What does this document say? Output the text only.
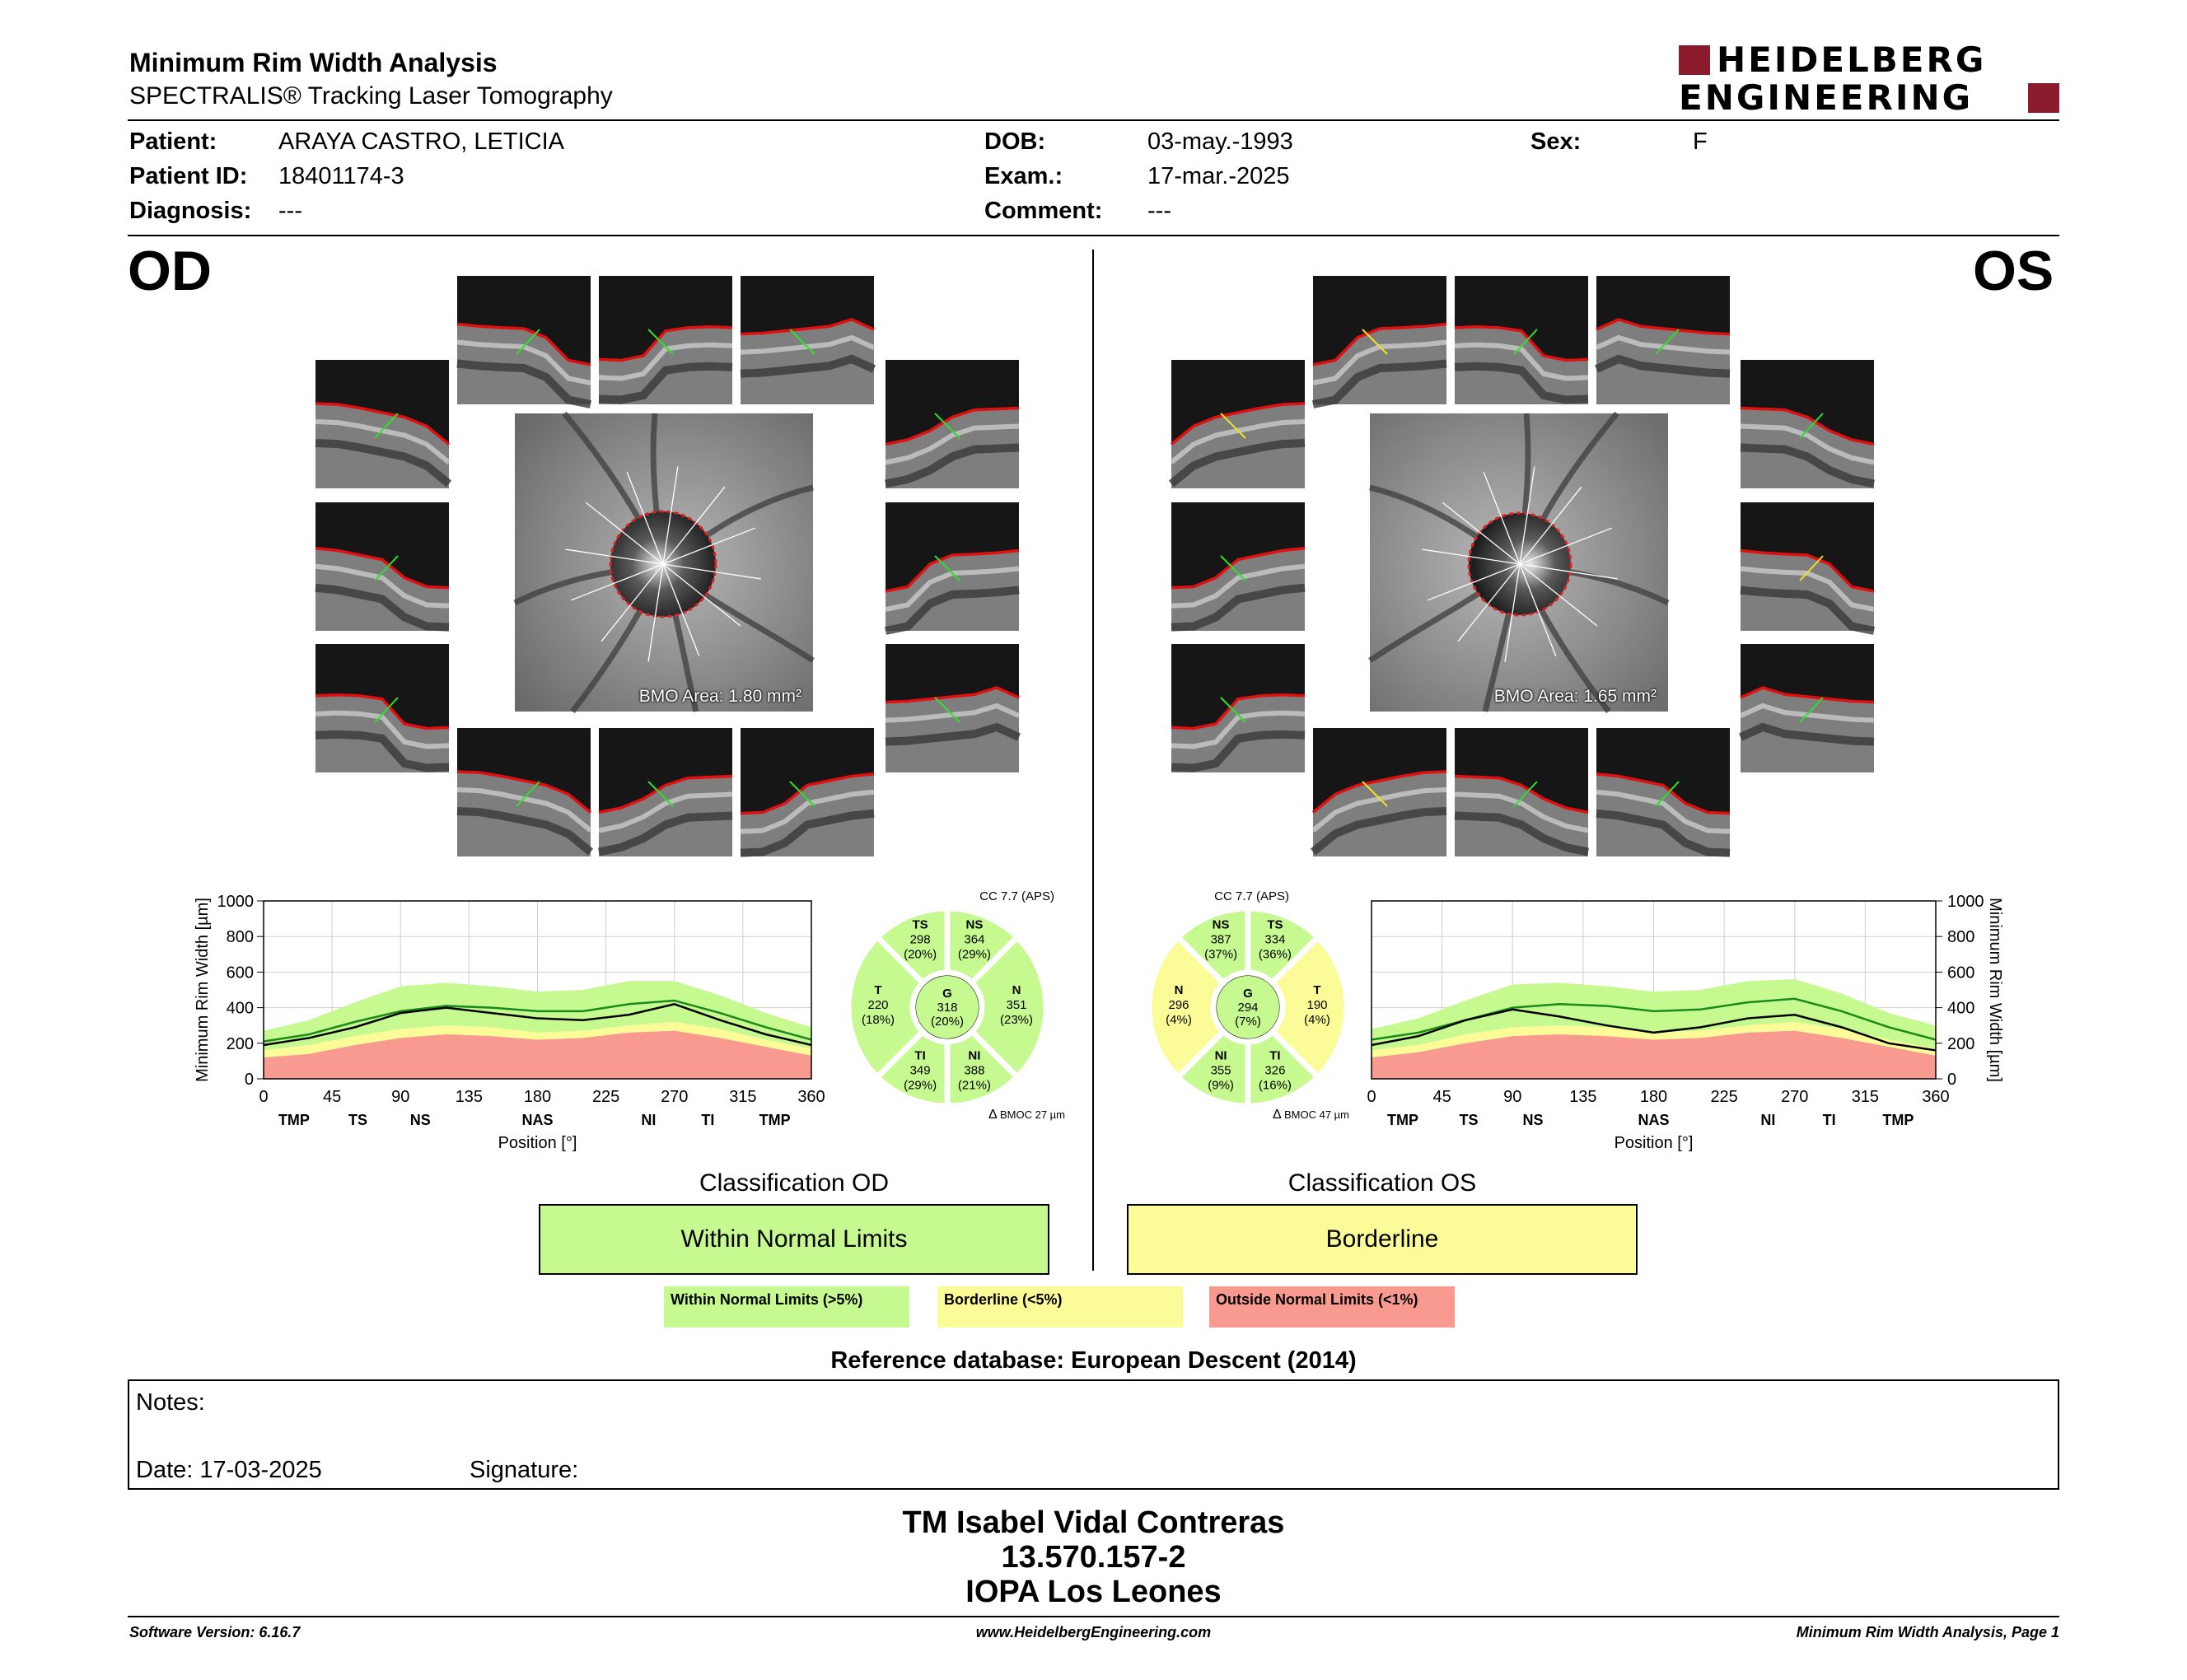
Minimum Rim Width Analysis
SPECTRALIS® Tracking Laser Tomography
HEIDELBERG
ENGINEERING
Patient:	ARAYA CASTRO, LETICIA
Patient ID: 18401174-3
Diagnosis: ---
DOB:	03-may.-1993
Exam.:	17-mar.-2025
Comment: ---
Sex:	F
OD	OS
BMO Area: 1.80 mm²	BMO Area: 1.65 mm²
0
200
400
600
800
1000
0	45	90	135 180 225 270 315 360
TMP	TS	NS	NAS	NI	TI	TMP
Position [°]
Minimum Rim Width [µm]	0
200
400
600
800
1000
0	45	90	135	180	225	270	315	360
TMP	TS	NS	NAS	NI	TI	TMP
Position [°]
Minimum Rim Width [µm]
T
220
(18%)
TS
298
(20%)
NS
364
(29%)
N
351
(23%)
NI
388
(21%)
TI
349
(29%)
G
318
(20%)
CC 7.7 (APS)
Δ BMOC 27 µm
N
296
(4%)
NS
387
(37%)
TS
334
(36%)
T
190
(4%)
TI
326
(16%)
NI
355
(9%)
G
294
(7%)
CC 7.7 (APS)
Δ BMOC 47 µm
Classification OD
Within Normal Limits
Classification OS
Borderline
Within Normal Limits (>5%)	Borderline (<5%)	Outside Normal Limits (<1%)
Reference database: European Descent (2014)
Notes:
Date: 17-03-2025	Signature:
TM Isabel Vidal Contreras
13.570.157-2
IOPA Los Leones
Software Version: 6.16.7	www.HeidelbergEngineering.com	Minimum Rim Width Analysis, Page 1
